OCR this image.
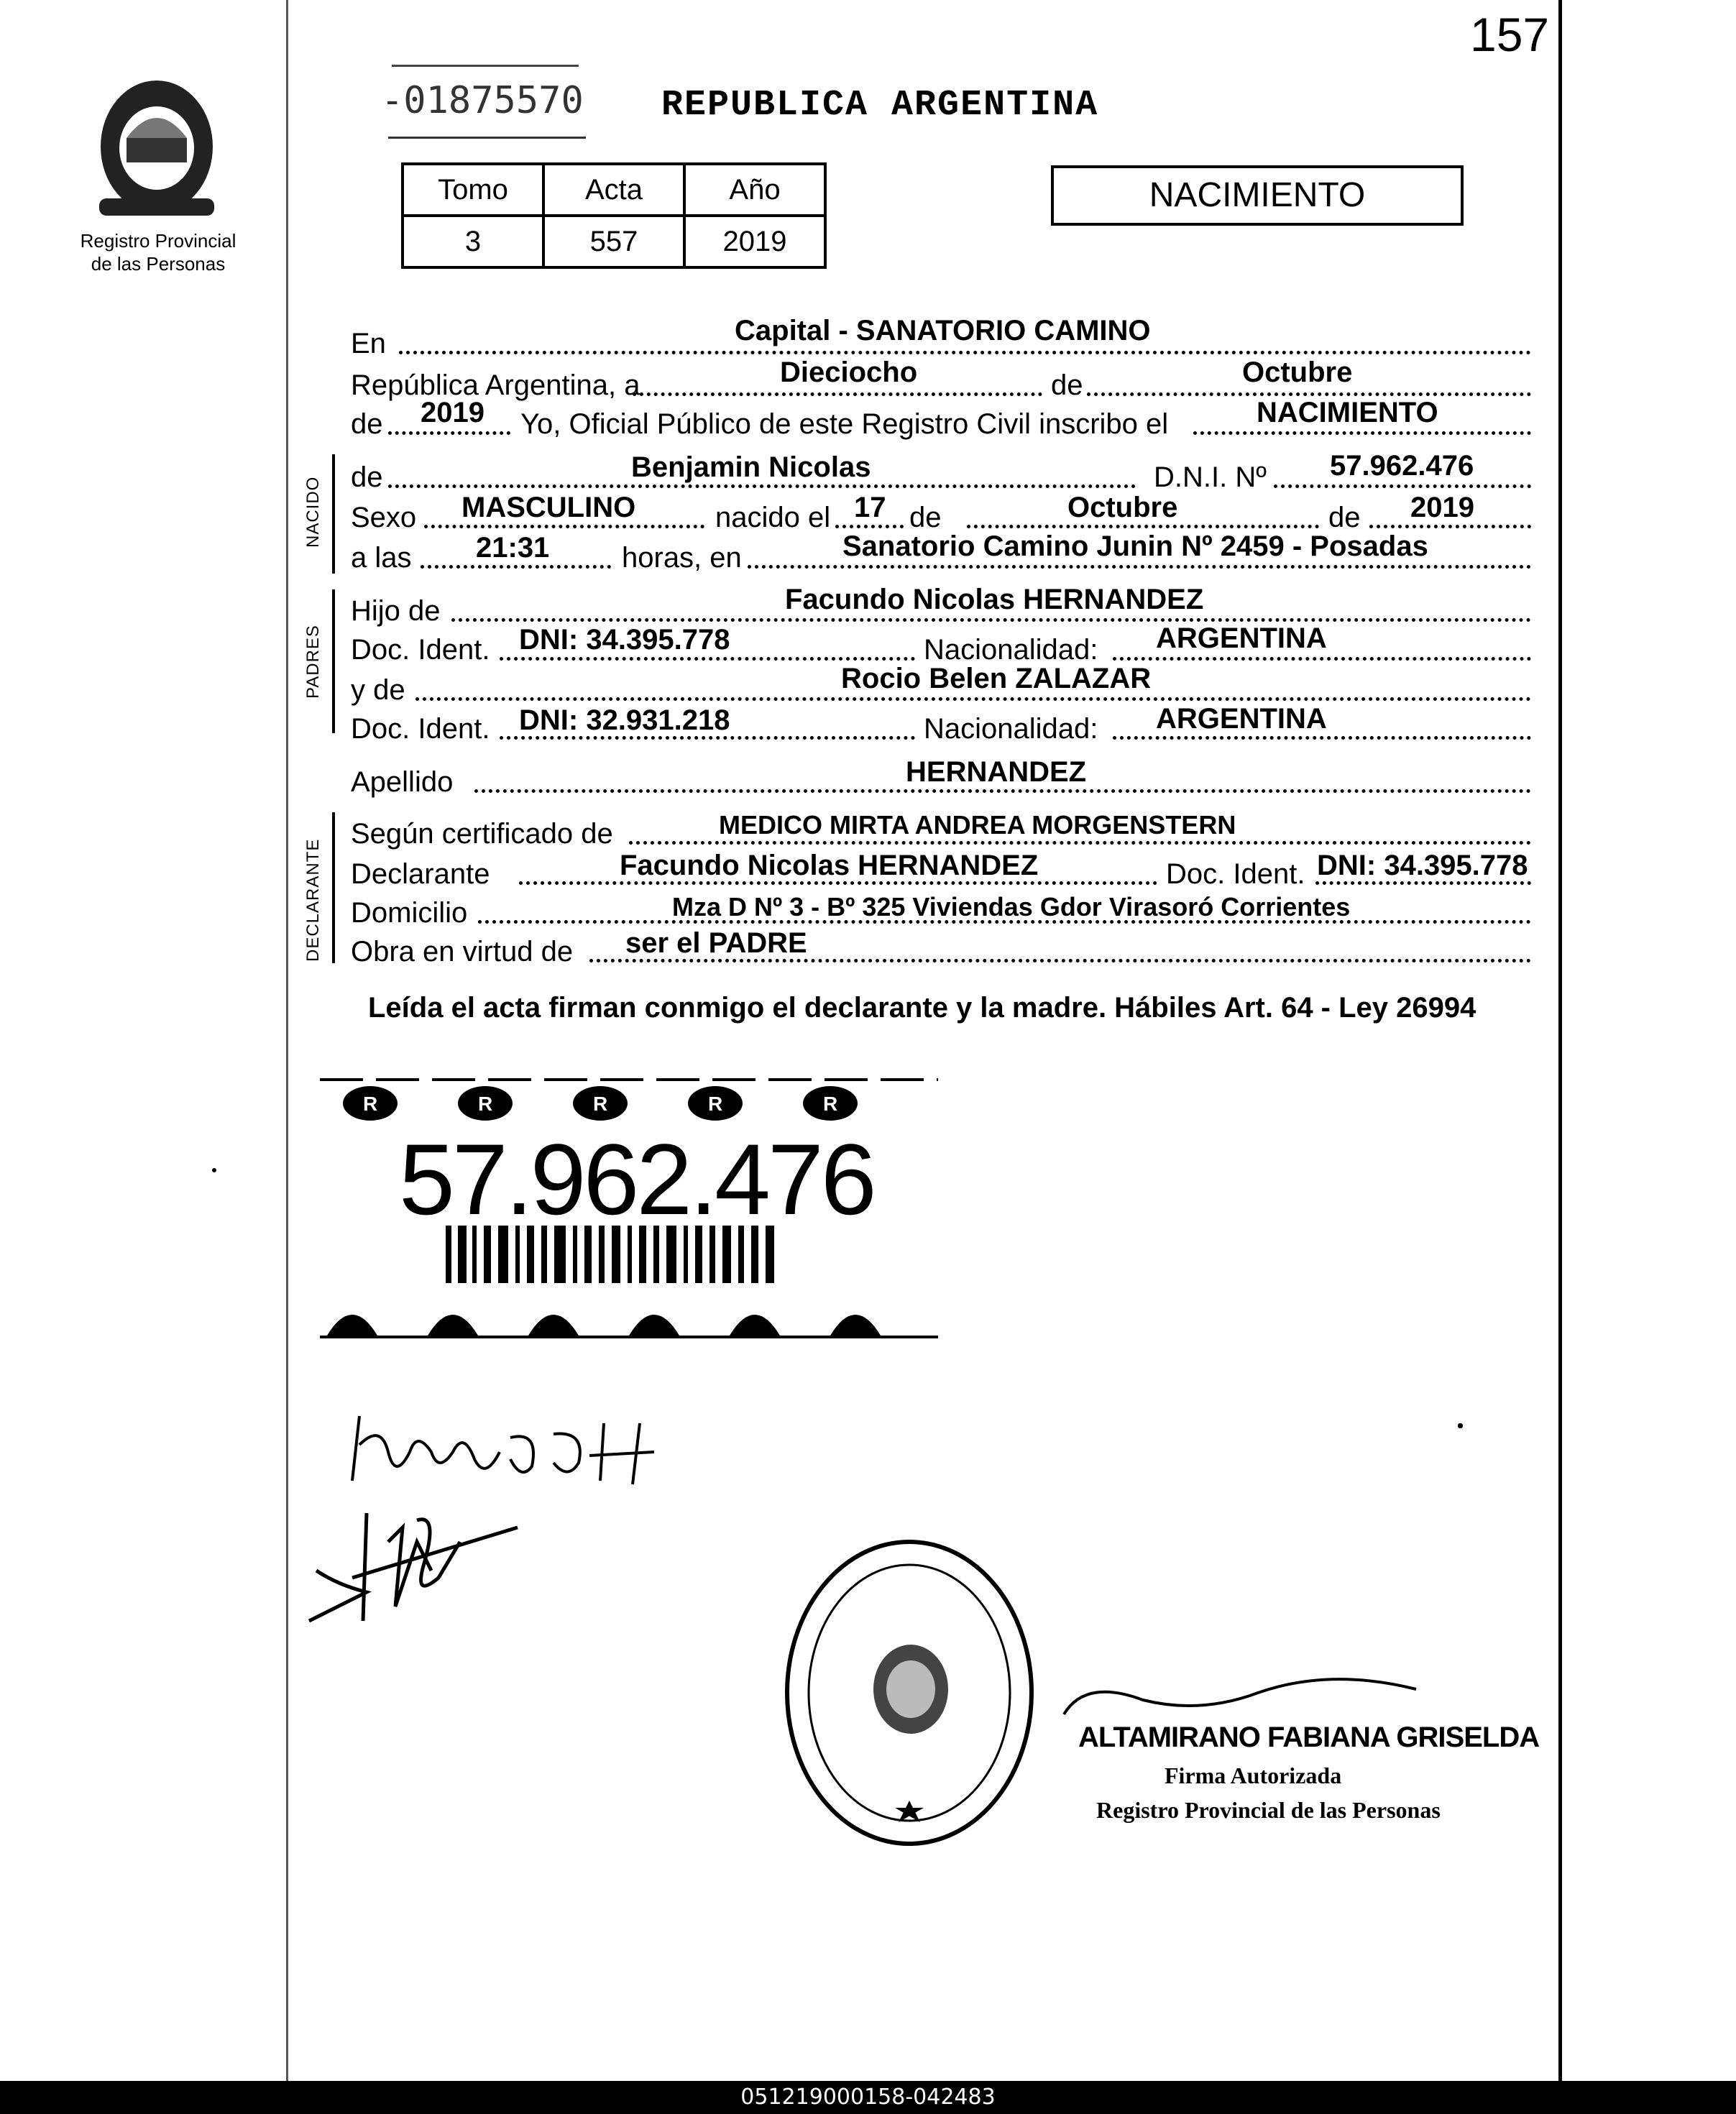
157
Registro Provincial
de las Personas
-01875570 REPUBLICA ARGENTINA
Tomo	Acta	Año
3	557	2019
NACIMIENTO
En	Capital - SANATORIO CAMINO
República Argentina, a	Dieciocho	de	Octubre
de 2019 Yo, Oficial Público de este Registro Civil inscribo el	NACIMIENTO
NACIDO de	Benjamin Nicolas	D.N.I. Nº 57.962.476
Sexo MASCULINO	nacido el 17 de	Octubre	de 2019
a las 21:31	horas, en	Sanatorio Camino Junin Nº 2459 - Posadas
PADRES
Hijo de	Facundo Nicolas HERNANDEZ
Doc. Ident. DNI: 34.395.778	Nacionalidad: ARGENTINA
y de	Rocio Belen ZALAZAR
Doc. Ident. DNI: 32.931.218	Nacionalidad: ARGENTINA
Apellido	HERNANDEZ
DECLARANTE
Según certificado de	MEDICO MIRTA ANDREA MORGENSTERN
Declarante	Facundo Nicolas HERNANDEZ	Doc. Ident. DNI: 34.395.778
Domicilio	Mza D Nº 3 - Bº 325 Viviendas Gdor Virasoró Corrientes
Obra en virtud de ser el PADRE
Leída el acta firman conmigo el declarante y la madre. Hábiles Art. 64 - Ley 26994
R	R	R	R	R
57.962.476
ALTAMIRANO FABIANA GRISELDA
Firma Autorizada
Registro Provincial de las Personas
051219000158-042483
